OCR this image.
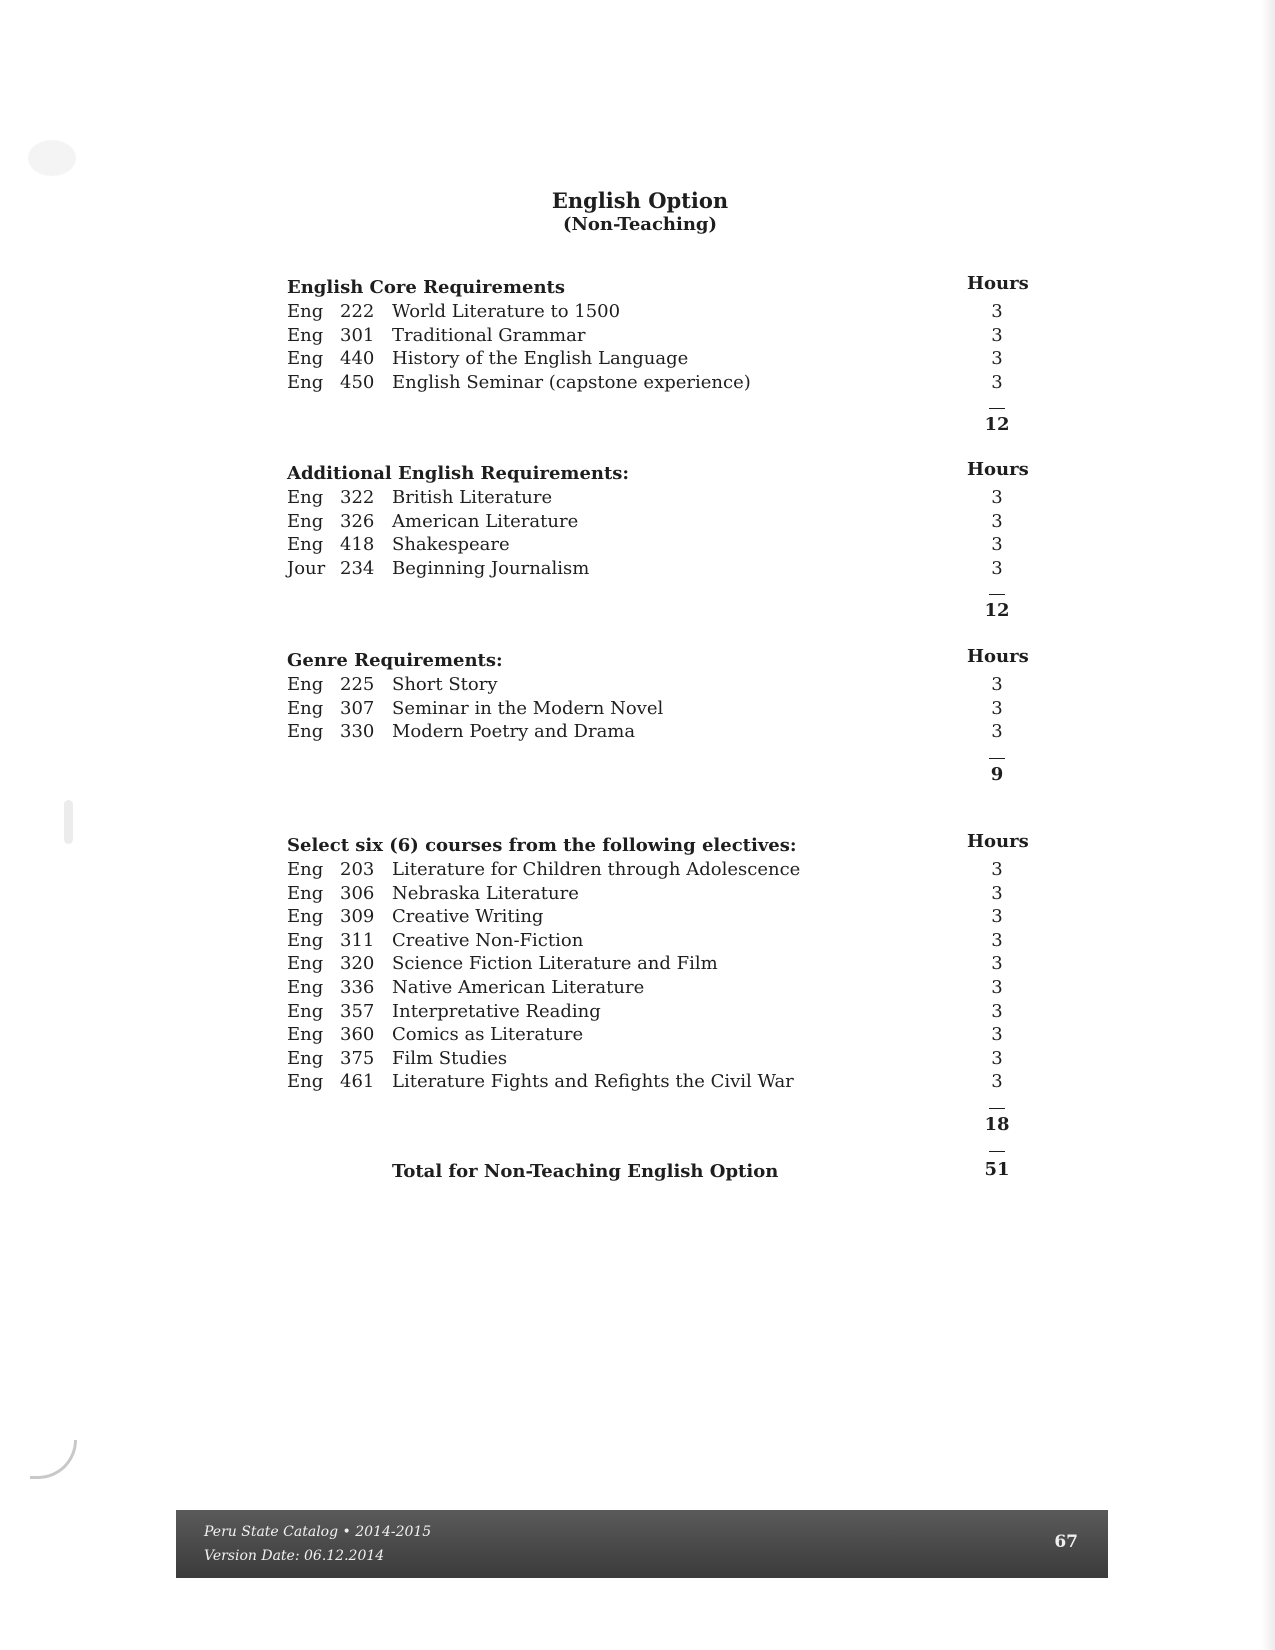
English Option
(Non-Teaching)
English Core Requirements	Hours
Eng 222 World Literature to 1500	3
Eng 301 Traditional Grammar	3
Eng 440 History of the English Language	3
Eng 450 English Seminar (capstone experience)	3
12
Additional English Requirements:	Hours
Eng 322 British Literature	3
Eng 326 American Literature	3
Eng 418 Shakespeare	3
Jour 234 Beginning Journalism	3
12
Genre Requirements:	Hours
Eng 225 Short Story	3
Eng 307 Seminar in the Modern Novel	3
Eng 330 Modern Poetry and Drama	3
9
Select six (6) courses from the following electives:	Hours
Eng 203 Literature for Children through Adolescence	3
Eng 306 Nebraska Literature	3
Eng 309 Creative Writing	3
Eng 311 Creative Non-Fiction	3
Eng 320 Science Fiction Literature and Film	3
Eng 336 Native American Literature	3
Eng 357 Interpretative Reading	3
Eng 360 Comics as Literature	3
Eng 375 Film Studies	3
Eng 461 Literature Fights and Refights the Civil War	3
18
Total for Non-Teaching English Option	51
Peru State Catalog • 2014-2015
Version Date: 06.12.2014
67
